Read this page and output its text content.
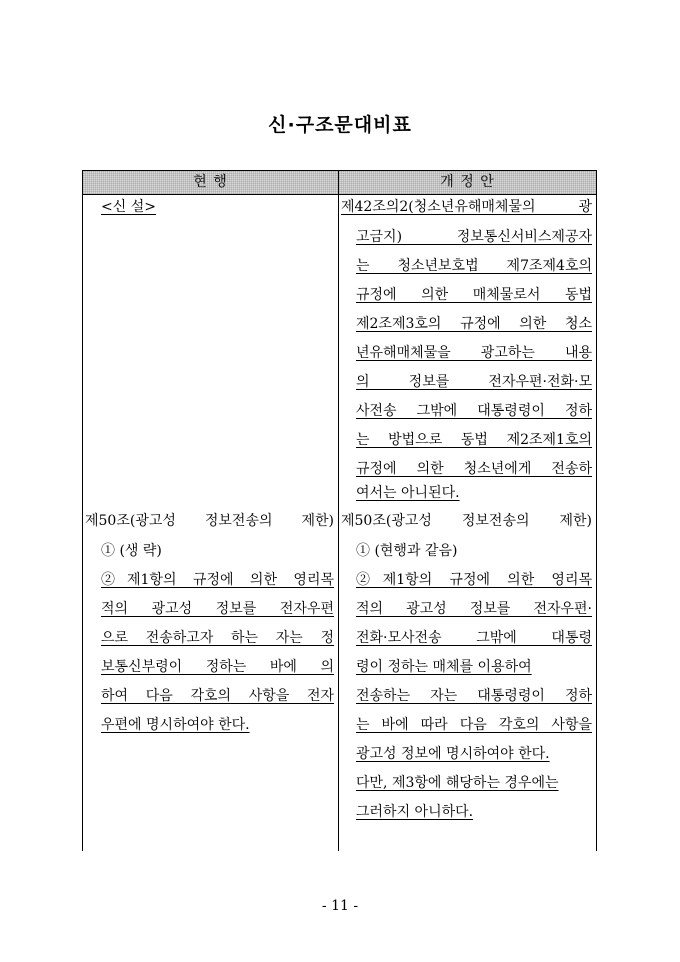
신·구조문대비표
현 행	개 정 안
<신 설>
제50조(광고성 정보전송의 제한)
① (생 략)
②제1항의 규정에 의한 영리목
적의 광고성 정보를 전자우편
으로 전송하고자 하는 자는 정
보통신부령이 정하는 바에 의
하여 다음 각호의 사항을 전자
우편에 명시하여야 한다.
제42조의2(청소년유해매체물의 광
고금지) 정보통신서비스제공자
는 청소년보호법 제7조제4호의
규정에 의한 매체물로서 동법
제2조제3호의 규정에 의한 청소
년유해매체물을 광고하는 내용
의 정보를 전자우편·전화·모
사전송 그밖에 대통령령이 정하
는 방법으로 동법 제2조제1호의
규정에 의한 청소년에게 전송하
여서는 아니된다.
제50조(광고성 정보전송의 제한)
① (현행과 같음)
②제1항의 규정에 의한 영리목
적의 광고성 정보를 전자우편·
전화·모사전송 그밖에 대통령
령이 정하는 매체를 이용하여
전송하는 자는 대통령령이 정하
는 바에 따라 다음 각호의 사항을
광고성 정보에 명시하여야 한다.
다만, 제3항에 해당하는 경우에는
그러하지 아니하다.
- 11 -
